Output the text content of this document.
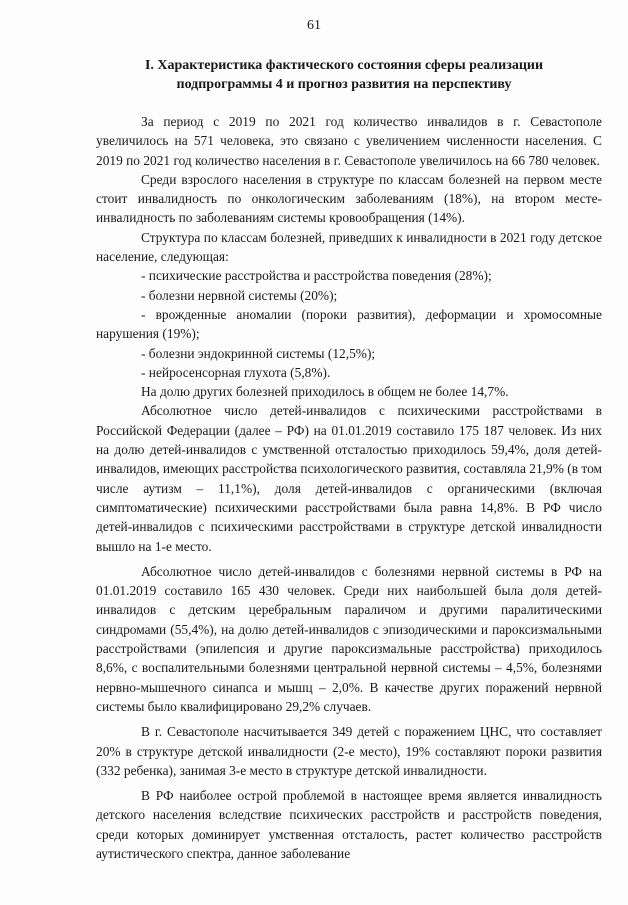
61
I. Характеристика фактического состояния сферы реализации подпрограммы 4 и прогноз развития на перспективу

За период с 2019 по 2021 год количество инвалидов в г. Севастополе увеличилось на 571 человека, это связано с увеличением численности населения. С 2019 по 2021 год количество населения в г. Севастополе увеличилось на 66 780 человек.

Среди взрослого населения в структуре по классам болезней на первом месте стоит инвалидность по онкологическим заболеваниям (18%), на втором месте-инвалидность по заболеваниям системы кровообращения (14%).

Структура по классам болезней, приведших к инвалидности в 2021 году детское население, следующая:

- психические расстройства и расстройства поведения (28%);

- болезни нервной системы (20%);

- врожденные аномалии (пороки развития), деформации и хромосомные нарушения (19%);

- болезни эндокринной системы (12,5%);

- нейросенсорная глухота (5,8%).

На долю других болезней приходилось в общем не более 14,7%.

Абсолютное число детей-инвалидов с психическими расстройствами в Российской Федерации (далее – РФ) на 01.01.2019 составило 175 187 человек. Из них на долю детей-инвалидов с умственной отсталостью приходилось 59,4%, доля детей-инвалидов, имеющих расстройства психологического развития, составляла 21,9% (в том числе аутизм – 11,1%), доля детей-инвалидов с органическими (включая симптоматические) психическими расстройствами была равна 14,8%. В РФ число детей-инвалидов с психическими расстройствами в структуре детской инвалидности вышло на 1-е место.

Абсолютное число детей-инвалидов с болезнями нервной системы в РФ на 01.01.2019 составило 165 430 человек. Среди них наибольшей была доля детей-инвалидов с детским церебральным параличом и другими паралитическими синдромами (55,4%), на долю детей-инвалидов с эпизодическими и пароксизмальными расстройствами (эпилепсия и другие пароксизмальные расстройства) приходилось 8,6%, с воспалительными болезнями центральной нервной системы – 4,5%, болезнями нервно-мышечного синапса и мышц – 2,0%. В качестве других поражений нервной системы было квалифицировано 29,2% случаев.

В г. Севастополе насчитывается 349 детей с поражением ЦНС, что составляет 20% в структуре детской инвалидности (2-е место), 19% составляют пороки развития (332 ребенка), занимая 3-е место в структуре детской инвалидности.

В РФ наиболее острой проблемой в настоящее время является инвалидность детского населения вследствие психических расстройств и расстройств поведения, среди которых доминирует умственная отсталость, растет количество расстройств аутистического спектра, данное заболевание
